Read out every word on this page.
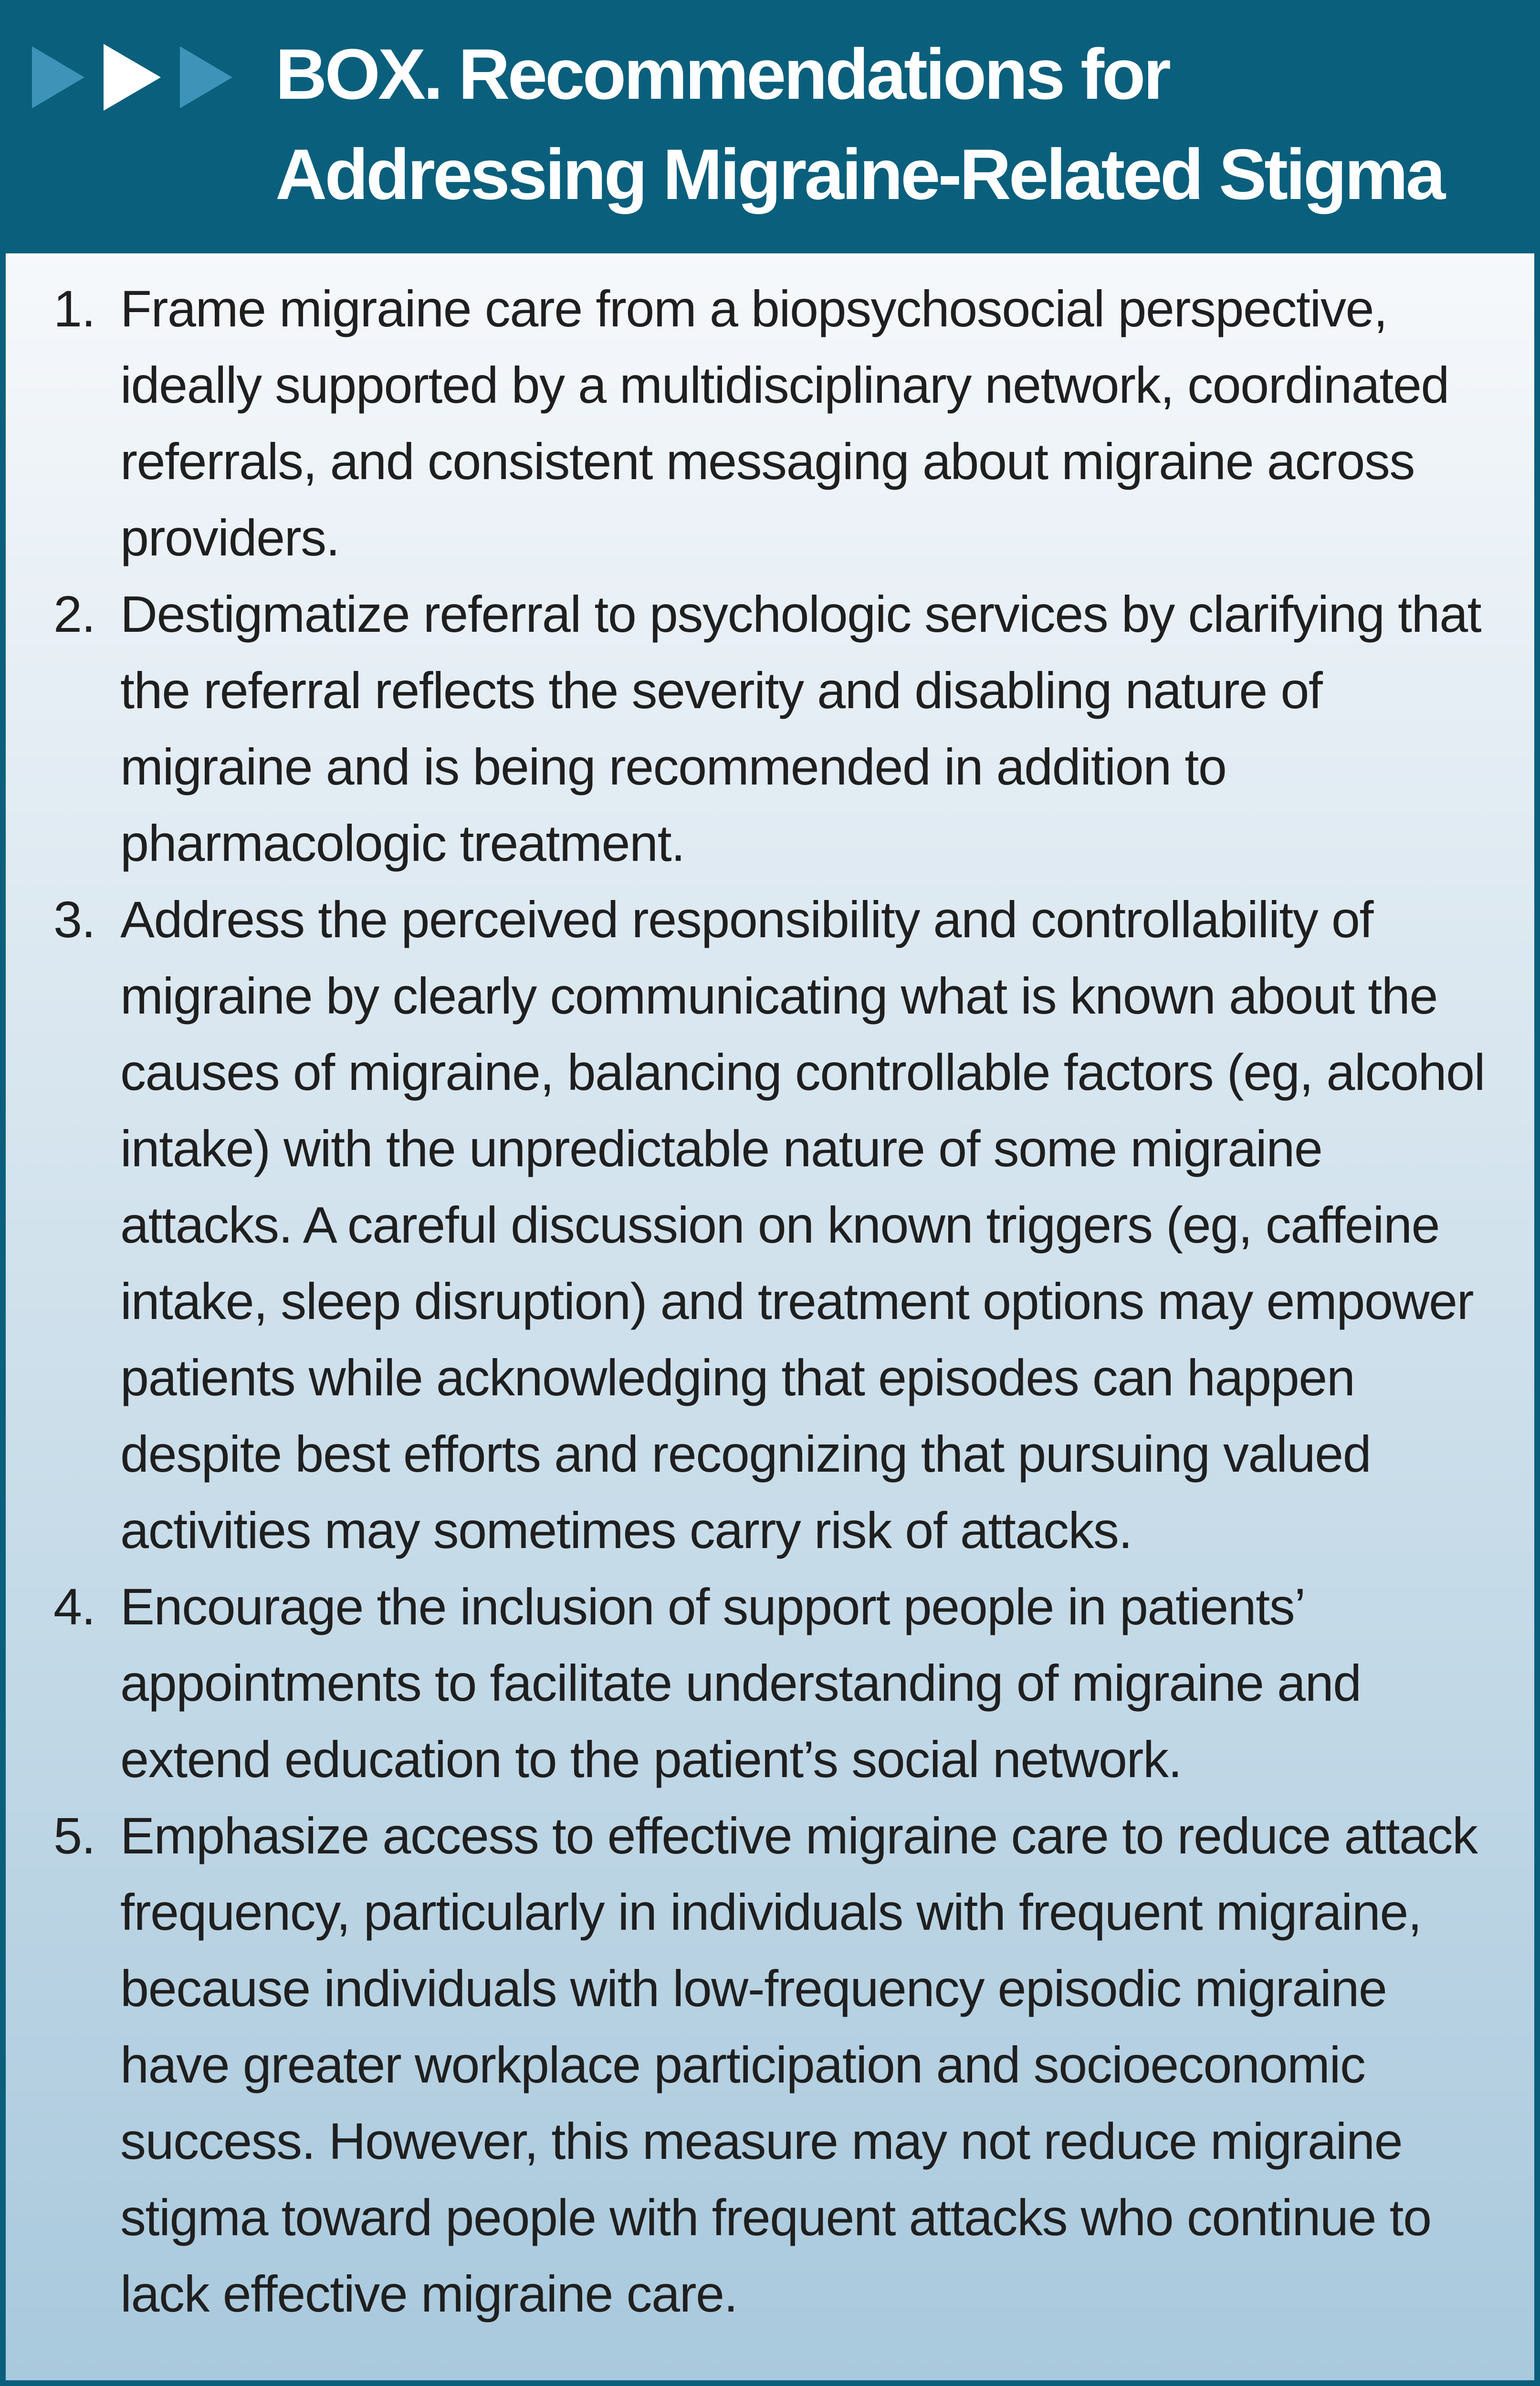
BOX. Recommendations for
Addressing Migraine-Related Stigma
1. Frame migraine care from a biopsychosocial perspective, ideally supported by a multidisciplinary network, coordinated referrals, and consistent messaging about migraine across providers.
2. Destigmatize referral to psychologic services by clarifying that the referral reflects the severity and disabling nature of migraine and is being recommended in addition to pharmacologic treatment.
3. Address the perceived responsibility and controllability of migraine by clearly communicating what is known about the causes of migraine, balancing controllable factors (eg, alcohol intake) with the unpredictable nature of some migraine attacks. A careful discussion on known triggers (eg, caffeine intake, sleep disruption) and treatment options may empower patients while acknowledging that episodes can happen despite best efforts and recognizing that pursuing valued activities may sometimes carry risk of attacks.
4. Encourage the inclusion of support people in patients’ appointments to facilitate understanding of migraine and extend education to the patient’s social network.
5. Emphasize access to effective migraine care to reduce attack frequency, particularly in individuals with frequent migraine, because individuals with low-frequency episodic migraine have greater workplace participation and socioeconomic success. However, this measure may not reduce migraine stigma toward people with frequent attacks who continue to lack effective migraine care.
